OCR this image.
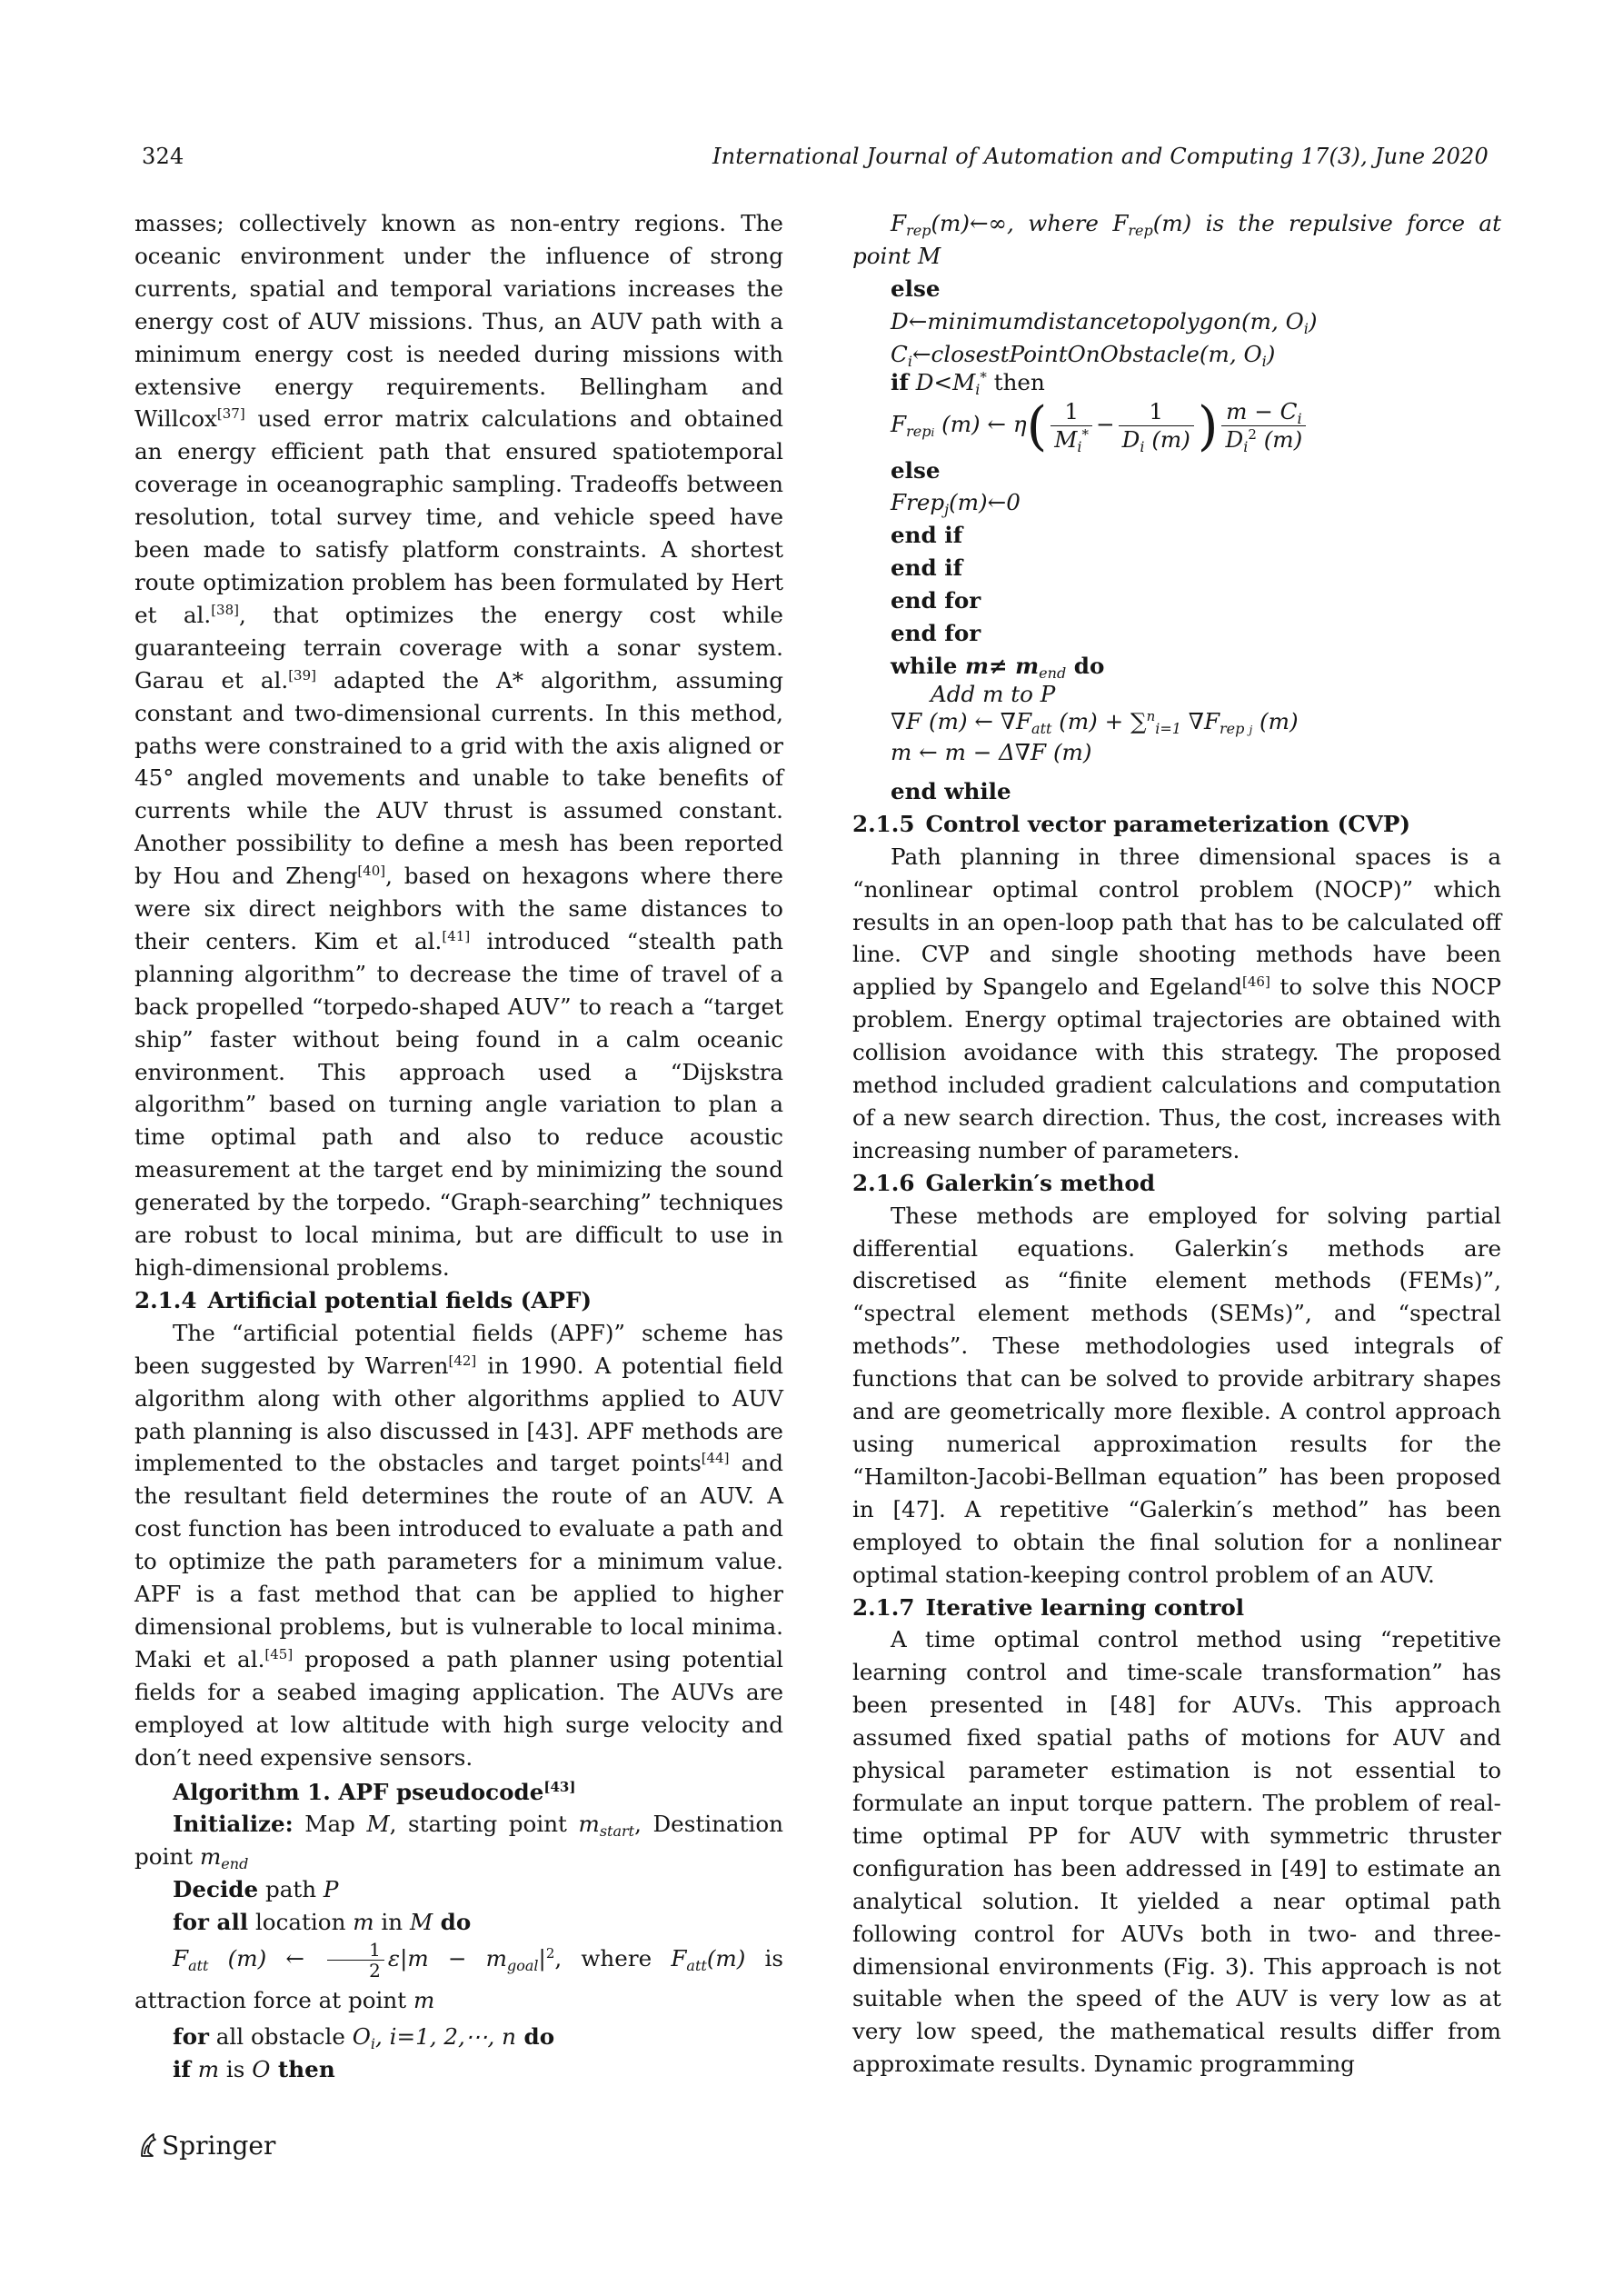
324	International Journal of Automation and Computing 17(3), June 2020

masses; collectively known as non-entry regions. The oceanic environment under the influence of strong currents, spatial and temporal variations increases the energy cost of AUV missions. Thus, an AUV path with a minimum energy cost is needed during missions with extensive energy requirements. Bellingham and Willcox[37] used error matrix calculations and obtained an energy efficient path that ensured spatiotemporal coverage in oceanographic sampling. Tradeoffs between resolution, total survey time, and vehicle speed have been made to satisfy platform constraints. A shortest route optimization problem has been formulated by Hert et al.[38], that optimizes the energy cost while guaranteeing terrain coverage with a sonar system. Garau et al.[39] adapted the A* algorithm, assuming constant and two-dimensional currents. In this method, paths were constrained to a grid with the axis aligned or 45° angled movements and unable to take benefits of currents while the AUV thrust is assumed constant. Another possibility to define a mesh has been reported by Hou and Zheng[40], based on hexagons where there were six direct neighbors with the same distances to their centers. Kim et al.[41] introduced “stealth path planning algorithm” to decrease the time of travel of a back propelled “torpedo-shaped AUV” to reach a “target ship” faster without being found in a calm oceanic environment. This approach used a “Dijskstra algorithm” based on turning angle variation to plan a time optimal path and also to reduce acoustic measurement at the target end by minimizing the sound generated by the torpedo. “Graph-searching” techniques are robust to local minima, but are difficult to use in high-dimensional problems.

2.1.4 Artificial potential fields (APF)

The “artificial potential fields (APF)” scheme has been suggested by Warren[42] in 1990. A potential field algorithm along with other algorithms applied to AUV path planning is also discussed in [43]. APF methods are implemented to the obstacles and target points[44] and the resultant field determines the route of an AUV. A cost function has been introduced to evaluate a path and to optimize the path parameters for a minimum value. APF is a fast method that can be applied to higher dimensional problems, but is vulnerable to local minima. Maki et al.[45] proposed a path planner using potential fields for a seabed imaging application. The AUVs are employed at low altitude with high surge velocity and don′t need expensive sensors.

Algorithm 1. APF pseudocode[43]

Initialize: Map M, starting point $m_{start}$, Destination point $m_{end}$

Decide path P

for all location m in M do

$F_{att}$ (m) ← $\frac{1}{2} \varepsilon|m - m_{goal}|^2$, where $F_{att}(m)$ is attraction force at point m

for all obstacle $O_i$, i=1, 2,⋯, n do

if m is O then

$F_{rep}(m)\leftarrow\infty$, where $F_{rep}(m)$ is the repulsive force at point M

else

D←minimumdistancetopolygon(m, $O_i$)

$C_i\leftarrow closestPointOnObstacle(m$, $O_i$)

if $D<M_i^*$ then

$F_{repi}$ (m) ← $\eta( \frac{1}{M_i^*} - \frac{1}{D_i (m)}$ ) $\frac{m - C_i}{D_i^2 (m)}$

else

Frep$_j$(m)←0

end if

end if

end for

end for

while $m\ne m_{end}$ do

Add m to P

∇F (m) ← $\nabla F_{att}$ (m) + ∑$^n_{i=1}$ $\nabla F_{rep j}$ (m)

m ← m − Δ∇F (m)

end while

2.1.5 Control vector parameterization (CVP)

Path planning in three dimensional spaces is a “nonlinear optimal control problem (NOCP)” which results in an open-loop path that has to be calculated off line. CVP and single shooting methods have been applied by Spangelo and Egeland[46] to solve this NOCP problem. Energy optimal trajectories are obtained with collision avoidance with this strategy. The proposed method included gradient calculations and computation of a new search direction. Thus, the cost, increases with increasing number of parameters.

2.1.6 Galerkin′s method

These methods are employed for solving partial differential equations. Galerkin′s methods are discretised as “finite element methods (FEMs)”, “spectral element methods (SEMs)”, and “spectral methods”. These methodologies used integrals of functions that can be solved to provide arbitrary shapes and are geometrically more flexible. A control approach using numerical approximation results for the “Hamilton-Jacobi-Bellman equation” has been proposed in [47]. A repetitive “Galerkin′s method” has been employed to obtain the final solution for a nonlinear optimal station-keeping control problem of an AUV.

2.1.7 Iterative learning control

A time optimal control method using “repetitive learning control and time-scale transformation” has been presented in [48] for AUVs. This approach assumed fixed spatial paths of motions for AUV and physical parameter estimation is not essential to formulate an input torque pattern. The problem of real-time optimal PP for AUV with symmetric thruster configuration has been addressed in [49] to estimate an analytical solution. It yielded a near optimal path following control for AUVs both in two- and three-dimensional environments (Fig. 3). This approach is not suitable when the speed of the AUV is very low as at very low speed, the mathematical results differ from approximate results. Dynamic programming

Springer
